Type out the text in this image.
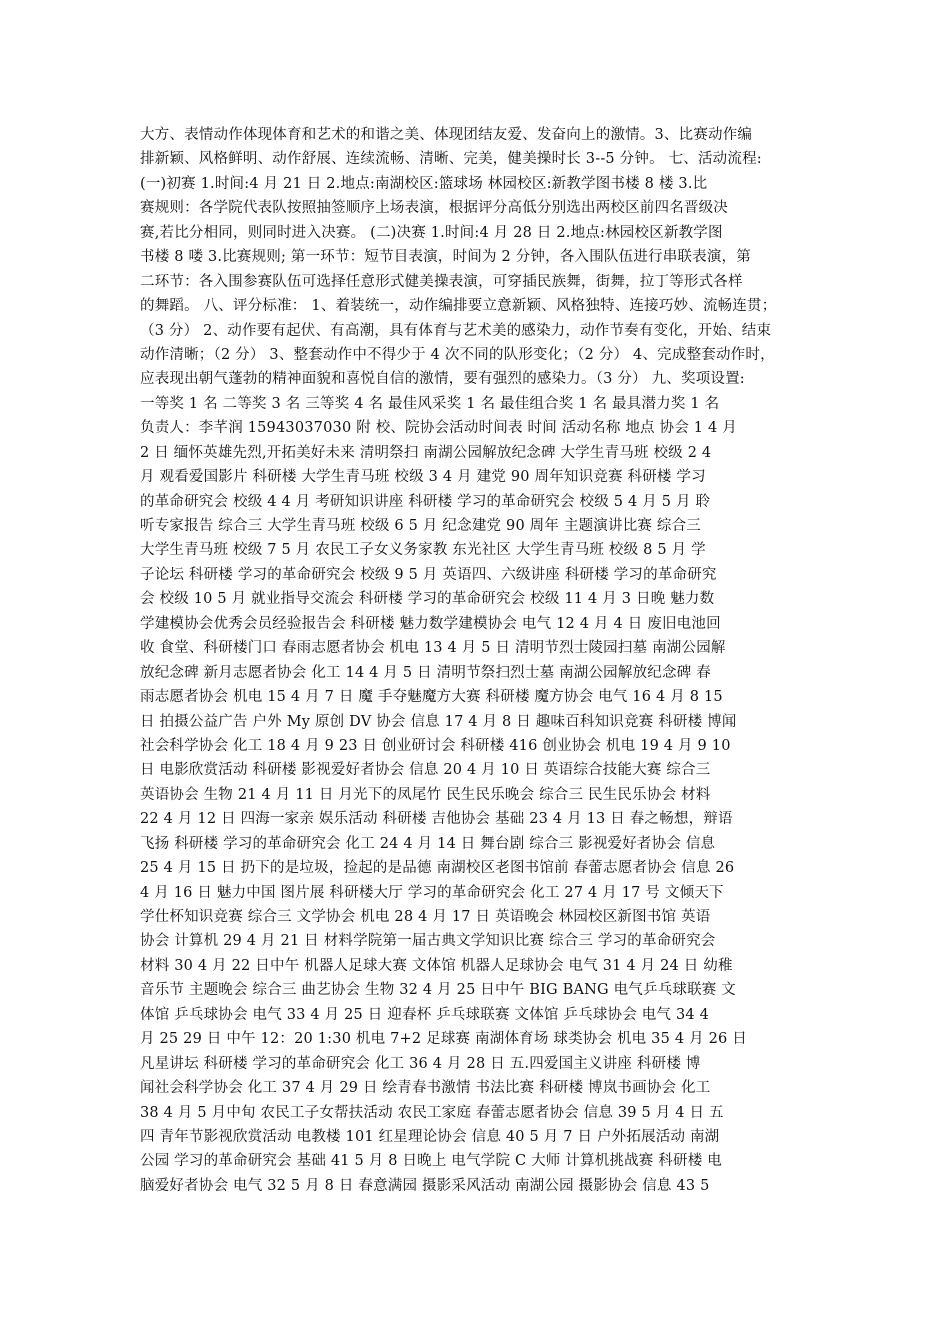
大方、表情动作体现体育和艺术的和谐之美、体现团结友爱、发奋向上的激情。3、比赛动作编
排新颖、风格鲜明、动作舒展、连续流畅、清晰、完美，健美操时长 3--5 分钟。 七、活动流程:
(一)初赛 1.时间:4 月 21 日 2.地点:南湖校区:篮球场 林园校区:新教学图书楼 8 楼 3.比
赛规则：各学院代表队按照抽签顺序上场表演，根据评分高低分别选出两校区前四名晋级决
赛,若比分相同，则同时进入决赛。 (二)决赛 1.时间:4 月 28 日 2.地点:林园校区新教学图
书楼 8 喽 3.比赛规则; 第一环节：短节目表演，时间为 2 分钟，各入围队伍进行串联表演，第
二环节：各入围参赛队伍可选择任意形式健美操表演，可穿插民族舞，街舞，拉丁等形式各样
的舞蹈。 八、评分标准： 1、着装统一，动作编排要立意新颖、风格独特、连接巧妙、流畅连贯；
（3 分） 2、动作要有起伏、有高潮，具有体育与艺术美的感染力，动作节奏有变化，开始、结束
动作清晰；（2 分） 3、整套动作中不得少于 4 次不同的队形变化；（2 分） 4、完成整套动作时，
应表现出朝气蓬勃的精神面貌和喜悦自信的激情，要有强烈的感染力。（3 分） 九、奖项设置:
一等奖 1 名 二等奖 3 名 三等奖 4 名 最佳风采奖 1 名 最佳组合奖 1 名 最具潜力奖 1 名
负责人：李芊润 15943037030 附 校、院协会活动时间表 时间 活动名称 地点 协会 1 4 月
2 日 缅怀英雄先烈,开拓美好未来 清明祭扫 南湖公园解放纪念碑 大学生青马班 校级 2 4
月 观看爱国影片 科研楼 大学生青马班 校级 3 4 月 建党 90 周年知识竞赛 科研楼 学习
的革命研究会 校级 4 4 月 考研知识讲座 科研楼 学习的革命研究会 校级 5 4 月 5 月 聆
听专家报告 综合三 大学生青马班 校级 6 5 月 纪念建党 90 周年 主题演讲比赛 综合三
大学生青马班 校级 7 5 月 农民工子女义务家教 东光社区 大学生青马班 校级 8 5 月 学
子论坛 科研楼 学习的革命研究会 校级 9 5 月 英语四、六级讲座 科研楼 学习的革命研究
会 校级 10 5 月 就业指导交流会 科研楼 学习的革命研究会 校级 11 4 月 3 日晚 魅力数
学建模协会优秀会员经验报告会 科研楼 魅力数学建模协会 电气 12 4 月 4 日 废旧电池回
收 食堂、科研楼门口 春雨志愿者协会 机电 13 4 月 5 日 清明节烈士陵园扫墓 南湖公园解
放纪念碑 新月志愿者协会 化工 14 4 月 5 日 清明节祭扫烈士墓 南湖公园解放纪念碑 春
雨志愿者协会 机电 15 4 月 7 日 魔 手夺魅魔方大赛 科研楼 魔方协会 电气 16 4 月 8 15
日 拍摄公益广告 户外 My 原创 DV 协会 信息 17 4 月 8 日 趣味百科知识竞赛 科研楼 博闻
社会科学协会 化工 18 4 月 9 23 日 创业研讨会 科研楼 416 创业协会 机电 19 4 月 9 10
日 电影欣赏活动 科研楼 影视爱好者协会 信息 20 4 月 10 日 英语综合技能大赛 综合三
英语协会 生物 21 4 月 11 日 月光下的凤尾竹 民生民乐晚会 综合三 民生民乐协会 材料
22 4 月 12 日 四海一家亲 娱乐活动 科研楼 吉他协会 基础 23 4 月 13 日 春之畅想，辩语
飞扬 科研楼 学习的革命研究会 化工 24 4 月 14 日 舞台剧 综合三 影视爱好者协会 信息
25 4 月 15 日 扔下的是垃圾，捡起的是品德 南湖校区老图书馆前 春蕾志愿者协会 信息 26
4 月 16 日 魅力中国 图片展 科研楼大厅 学习的革命研究会 化工 27 4 月 17 号 文倾天下
学仕杯知识竞赛 综合三 文学协会 机电 28 4 月 17 日 英语晚会 林园校区新图书馆 英语
协会 计算机 29 4 月 21 日 材料学院第一届古典文学知识比赛 综合三 学习的革命研究会
材料 30 4 月 22 日中午 机器人足球大赛 文体馆 机器人足球协会 电气 31 4 月 24 日 幼稚
音乐节 主题晚会 综合三 曲艺协会 生物 32 4 月 25 日中午 BIG BANG 电气乒乓球联赛 文
体馆 乒乓球协会 电气 33 4 月 25 日 迎春杯 乒乓球联赛 文体馆 乒乓球协会 电气 34 4
月 25 29 日 中午 12：20 1:30 机电 7+2 足球赛 南湖体育场 球类协会 机电 35 4 月 26 日
凡星讲坛 科研楼 学习的革命研究会 化工 36 4 月 28 日 五.四爱国主义讲座 科研楼 博
闻社会科学协会 化工 37 4 月 29 日 绘青春书激情 书法比赛 科研楼 博岚书画协会 化工
38 4 月 5 月中旬 农民工子女帮扶活动 农民工家庭 春蕾志愿者协会 信息 39 5 月 4 日 五
四 青年节影视欣赏活动 电教楼 101 红星理论协会 信息 40 5 月 7 日 户外拓展活动 南湖
公园 学习的革命研究会 基础 41 5 月 8 日晚上 电气学院 C 大师 计算机挑战赛 科研楼 电
脑爱好者协会 电气 32 5 月 8 日 春意满园 摄影采风活动 南湖公园 摄影协会 信息 43 5
